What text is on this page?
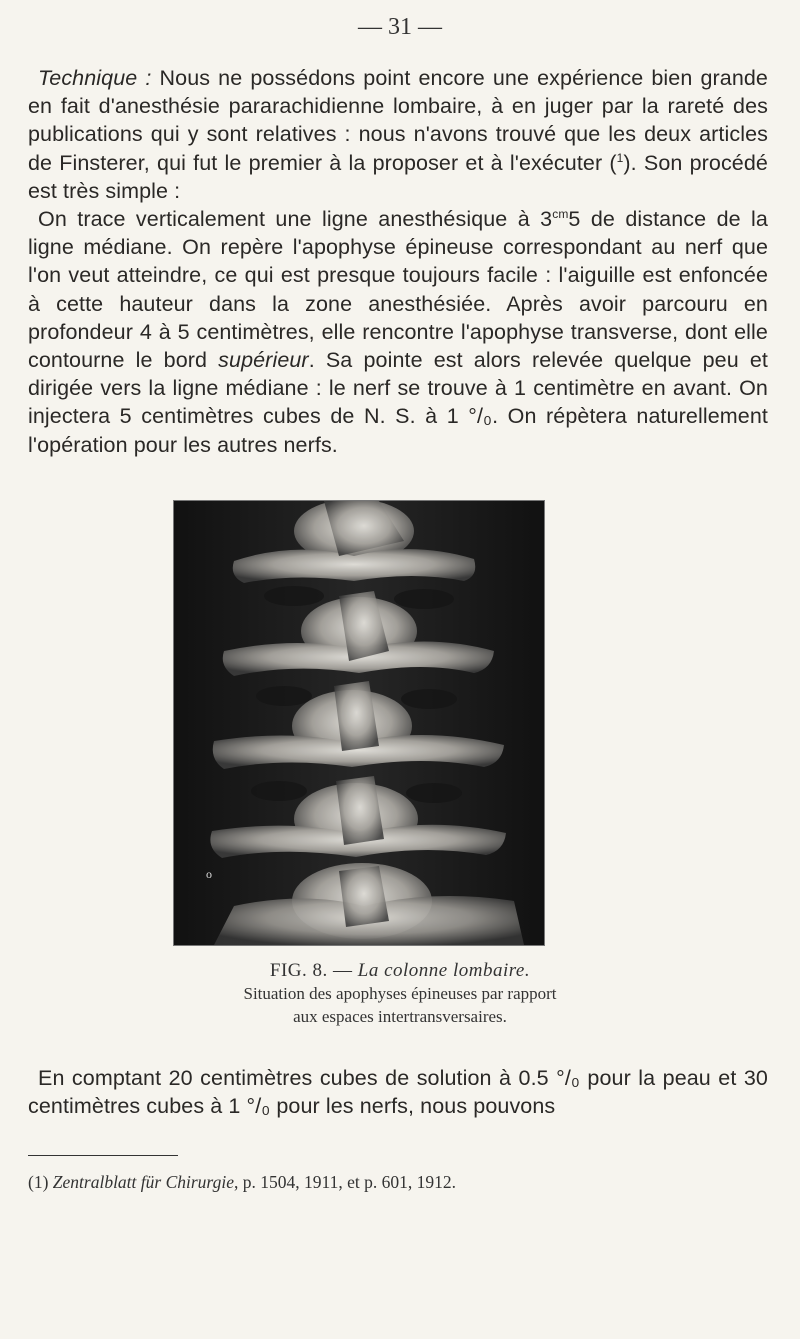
— 31 —

Technique : Nous ne possédons point encore une expérience bien grande en fait d'anesthésie pararachidienne lombaire, à en juger par la rareté des publications qui y sont relatives : nous n'avons trouvé que les deux articles de Finsterer, qui fut le premier à la proposer et à l'exécuter ($^1$). Son procédé est très simple :

On trace verticalement une ligne anesthésique à $3^{cm}5$ de distance de la ligne médiane. On repère l'apophyse épineuse correspondant au nerf que l'on veut atteindre, ce qui est presque toujours facile : l'aiguille est enfoncée à cette hauteur dans la zone anesthésiée. Après avoir parcouru en profondeur 4 à 5 centimètres, elle rencontre l'apophyse transverse, dont elle contourne le bord supérieur. Sa pointe est alors relevée quelque peu et dirigée vers la ligne médiane : le nerf se trouve à 1 centimètre en avant. On injectera 5 centimètres cubes de N. S. à 1 °/₀. On répètera naturellement l'opération pour les autres nerfs.

o
FIG. 8. — La colonne lombaire.
Situation des apophyses épineuses par rapport
aux espaces intertransversaires.

En comptant 20 centimètres cubes de solution à 0.5 °/₀ pour la peau et 30 centimètres cubes à 1 °/₀ pour les nerfs, nous pouvons

(1) Zentralblatt für Chirurgie, p. 1504, 1911, et p. 601, 1912.
